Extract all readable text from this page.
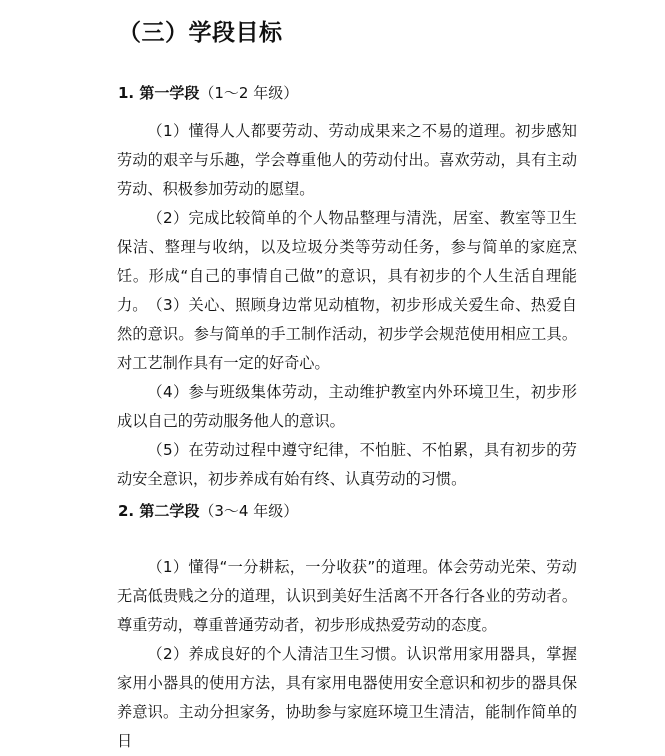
（三）学段目标
1. 第一学段（1～2 年级）

（1）懂得人人都要劳动、劳动成果来之不易的道理。初步感知劳动的艰辛与乐趣，学会尊重他人的劳动付出。喜欢劳动，具有主动劳动、积极参加劳动的愿望。

（2）完成比较简单的个人物品整理与清洗，居室、教室等卫生保洁、整理与收纳，以及垃圾分类等劳动任务，参与简单的家庭烹饪。形成“自己的事情自己做”的意识，具有初步的个人生活自理能力。 （3）关心、照顾身边常见动植物，初步形成关爱生命、热爱自然的意识。参与简单的手工制作活动，初步学会规范使用相应工具。对工艺制作具有一定的好奇心。

（4）参与班级集体劳动，主动维护教室内外环境卫生，初步形成以自己的劳动服务他人的意识。

（5）在劳动过程中遵守纪律，不怕脏、不怕累，具有初步的劳动安全意识，初步养成有始有终、认真劳动的习惯。

2. 第二学段（3～4 年级）

（1）懂得“一分耕耘，一分收获”的道理。体会劳动光荣、劳动无高低贵贱之分的道理，认识到美好生活离不开各行各业的劳动者。尊重劳动，尊重普通劳动者，初步形成热爱劳动的态度。

（2）养成良好的个人清洁卫生习惯。认识常用家用器具，掌握家用小器具的使用方法，具有家用电器使用安全意识和初步的器具保养意识。主动分担家务，协助参与家庭环境卫生清洁，能制作简单的日
